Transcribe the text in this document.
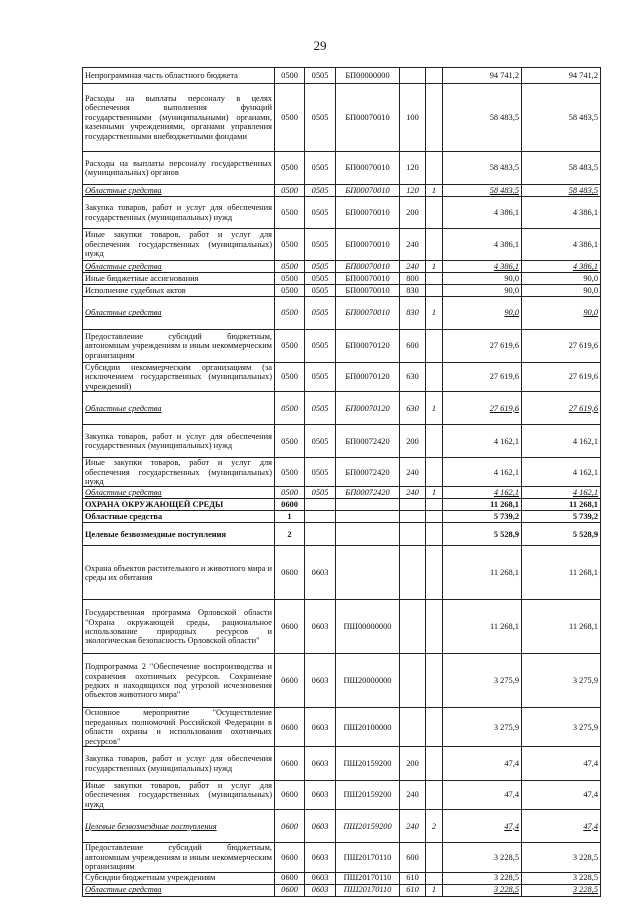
29
Непрограммная часть областного бюджета	0500	0505	БП00000000			94 741,2	94 741,2
Расходы на выплаты персоналу в целях обеспечения выполнения функций государственными (муниципальными) органами, казенными учреждениями, органами управления государственными внебюджетными фондами	0500	0505	БП00070010	100		58 483,5	58 483,5
Расходы на выплаты персоналу государственных (муниципальных) органов	0500	0505	БП00070010	120		58 483,5	58 483,5
Областные средства	0500	0505	БП00070010	120	1	58 483,5	58 483,5
Закупка товаров, работ и услуг для обеспечения государственных (муниципальных) нужд	0500	0505	БП00070010	200		4 386,1	4 386,1
Иные закупки товаров, работ и услуг для обеспечения государственных (муниципальных) нужд	0500	0505	БП00070010	240		4 386,1	4 386,1
Областные средства	0500	0505	БП00070010	240	1	4 386,1	4 386,1
Иные бюджетные ассигнования	0500	0505	БП00070010	800		90,0	90,0
Исполнение судебных актов	0500	0505	БП00070010	830		90,0	90,0
Областные средства	0500	0505	БП00070010	830	1	90,0	90,0
Предоставление субсидий бюджетным, автономным учреждениям и иным некоммерческим организациям	0500	0505	БП00070120	600		27 619,6	27 619,6
Субсидии некоммерческим организациям (за исключением государственных (муниципальных) учреждений)	0500	0505	БП00070120	630		27 619,6	27 619,6
Областные средства	0500	0505	БП00070120	630	1	27 619,6	27 619,6
Закупка товаров, работ и услуг для обеспечения государственных (муниципальных) нужд	0500	0505	БП00072420	200		4 162,1	4 162,1
Иные закупки товаров, работ и услуг для обеспечения государственных (муниципальных) нужд	0500	0505	БП00072420	240		4 162,1	4 162,1
Областные средства	0500	0505	БП00072420	240	1	4 162,1	4 162,1
ОХРАНА ОКРУЖАЮЩЕЙ СРЕДЫ	0600					11 268,1	11 268,1
Областные средства	1					5 739,2	5 739,2
Целевые безвозмездные поступления	2					5 528,9	5 528,9
Охрана объектов растительного и животного мира и среды их обитания	0600	0603				11 268,1	11 268,1
Государственная программа Орловской области "Охрана окружающей среды, рациональное использование природных ресурсов и экологическая безопасность Орловской области"	0600	0603	ПШ00000000			11 268,1	11 268,1
Подпрограмма 2 "Обеспечение воспроизводства и сохранения охотничьих ресурсов. Сохранение редких и находящихся под угрозой исчезновения объектов животного мира"	0600	0603	ПШ20000000			3 275,9	3 275,9
Основное мероприятие "Осуществление переданных полномочий Российской Федерации в области охраны и использования охотничьих ресурсов"	0600	0603	ПШ20100000			3 275,9	3 275,9
Закупка товаров, работ и услуг для обеспечения государственных (муниципальных) нужд	0600	0603	ПШ20159200	200		47,4	47,4
Иные закупки товаров, работ и услуг для обеспечения государственных (муниципальных) нужд	0600	0603	ПШ20159200	240		47,4	47,4
Целевые безвозмездные поступления	0600	0603	ПШ20159200	240	2	47,4	47,4
Предоставление субсидий бюджетным, автономным учреждениям и иным некоммерческим организациям	0600	0603	ПШ20170110	600		3 228,5	3 228,5
Субсидии бюджетным учреждениям	0600	0603	ПШ20170110	610		3 228,5	3 228,5
Областные средства	0600	0603	ПШ20170110	610	1	3 228,5	3 228,5
